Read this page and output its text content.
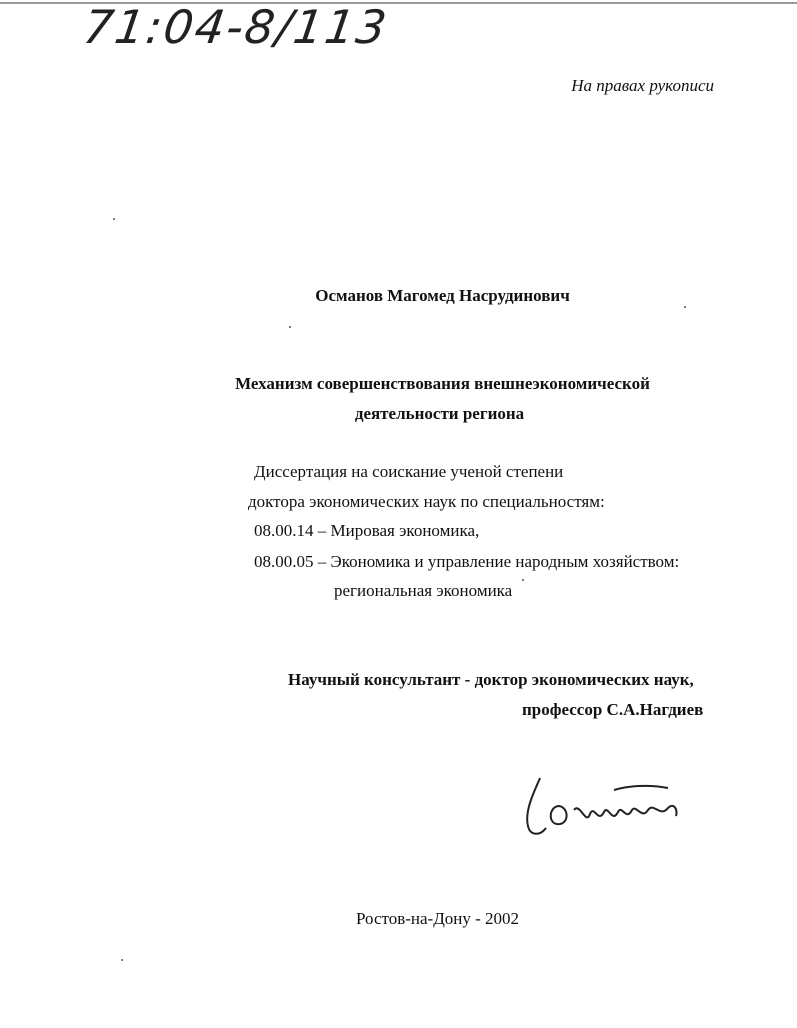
71:04-8/113
На правах рукописи
Османов Магомед Насрудинович
Механизм совершенствования внешнеэкономической
деятельности региона
Диссертация на соискание ученой степени
доктора экономических наук по специальностям:
08.00.14 – Мировая экономика,
08.00.05 – Экономика и управление народным хозяйством:
региональная экономика
Научный консультант - доктор экономических наук,
профессор С.А.Нагдиев
Ростов-на-Дону - 2002
